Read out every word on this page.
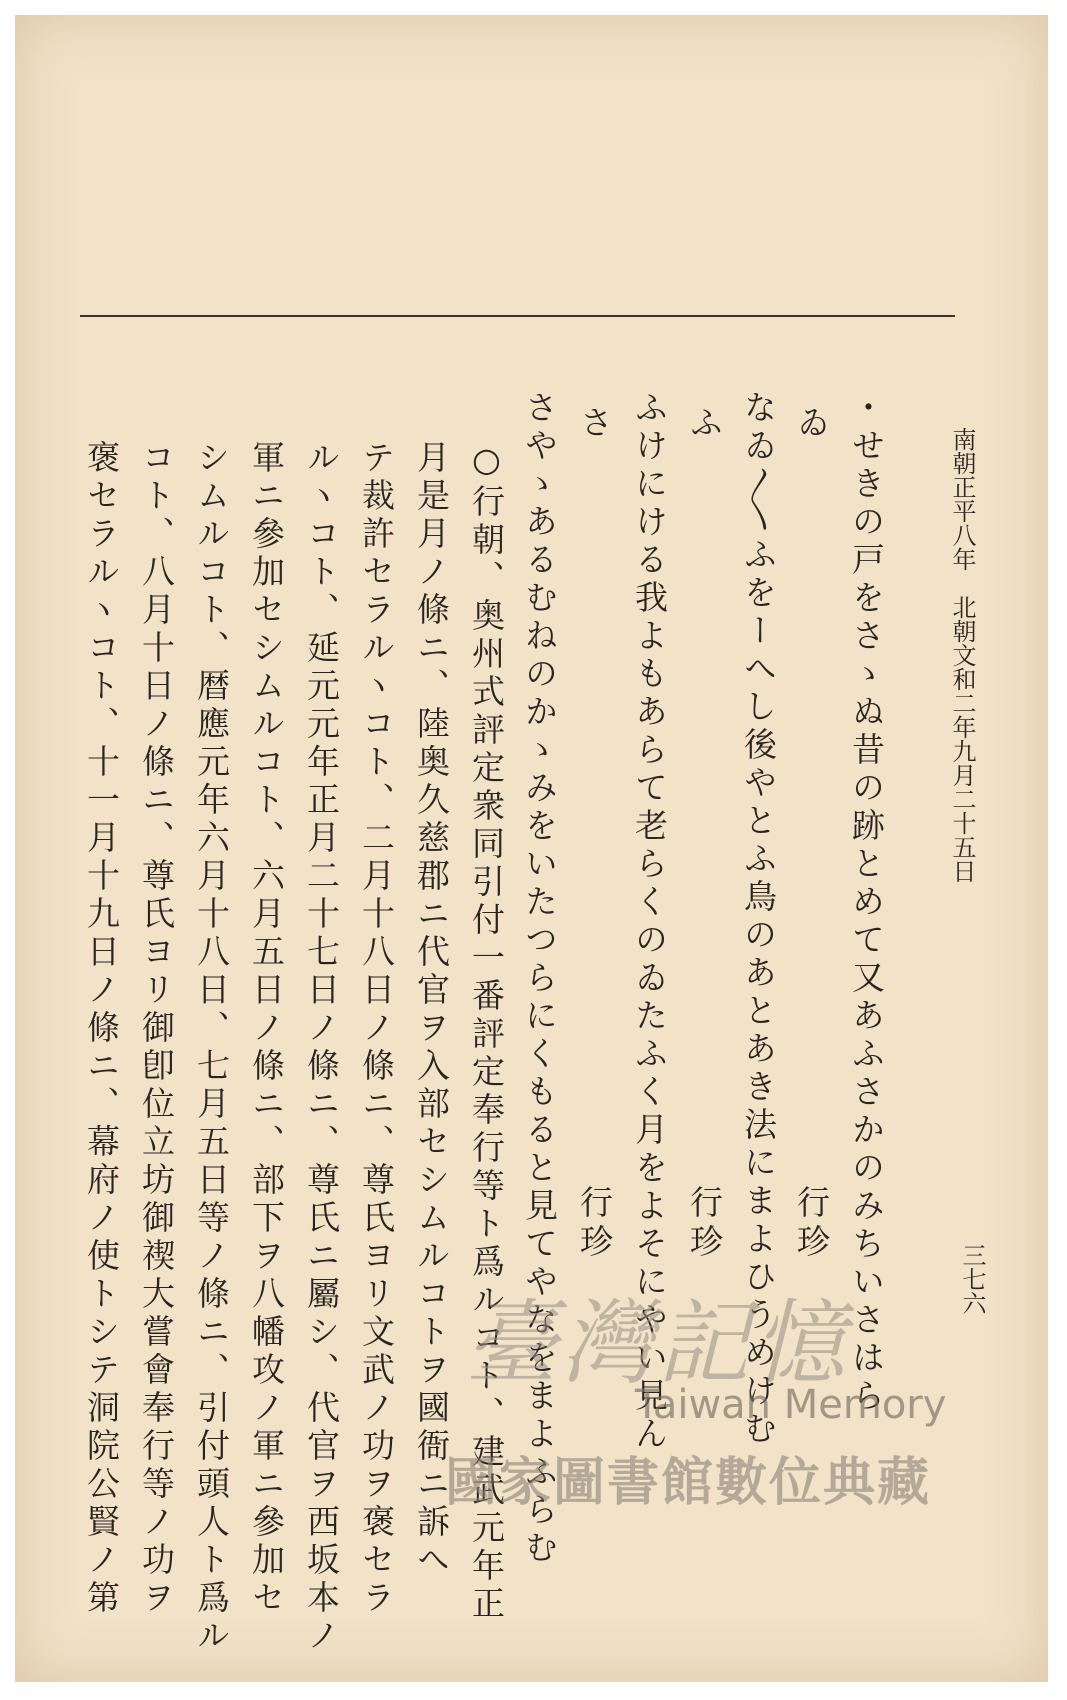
南朝正平八年　北朝文和二年九月二十五日
三七六
・せきの戸をさゝぬ昔の跡とめて又あふさかのみちいさはら
ゐ　　　　　　　　　　　　　　　　　　　行珍
なゐ〱ふをーへし後やとふ鳥のあとあき法にまよひうめけむ
ふ　　　　　　　　　　　　　　　　　　　行珍
ふけにける我よもあらて老らくのゐたふく月をよそにやい見ん
さ　　　　　　　　　　　　　　　　　　　行珍
さやゝあるむねのかゝみをいたつらにくもると見てやなをまよふらむ
○行朝、奥州式評定衆同引付一番評定奉行等ト爲ルコト、建武元年正
月是月ノ條ニ、陸奥久慈郡ニ代官ヲ入部セシムルコトヲ國衙ニ訴へ
テ裁許セラルヽコト、二月十八日ノ條ニ、尊氏ヨリ文武ノ功ヲ褒セラ
ルヽコト、延元元年正月二十七日ノ條ニ、尊氏ニ屬シ、代官ヲ西坂本ノ
軍ニ參加セシムルコト、六月五日ノ條ニ、部下ヲ八幡攻ノ軍ニ參加セ
シムルコト、暦應元年六月十八日、七月五日等ノ條ニ、引付頭人ト爲ル
コト、八月十日ノ條ニ、尊氏ヨリ御卽位立坊御禊大嘗會奉行等ノ功ヲ
褒セラルヽコト、十一月十九日ノ條ニ、幕府ノ使トシテ洞院公賢ノ第	臺灣記憶
Taiwan Memory
國家圖書館數位典藏
